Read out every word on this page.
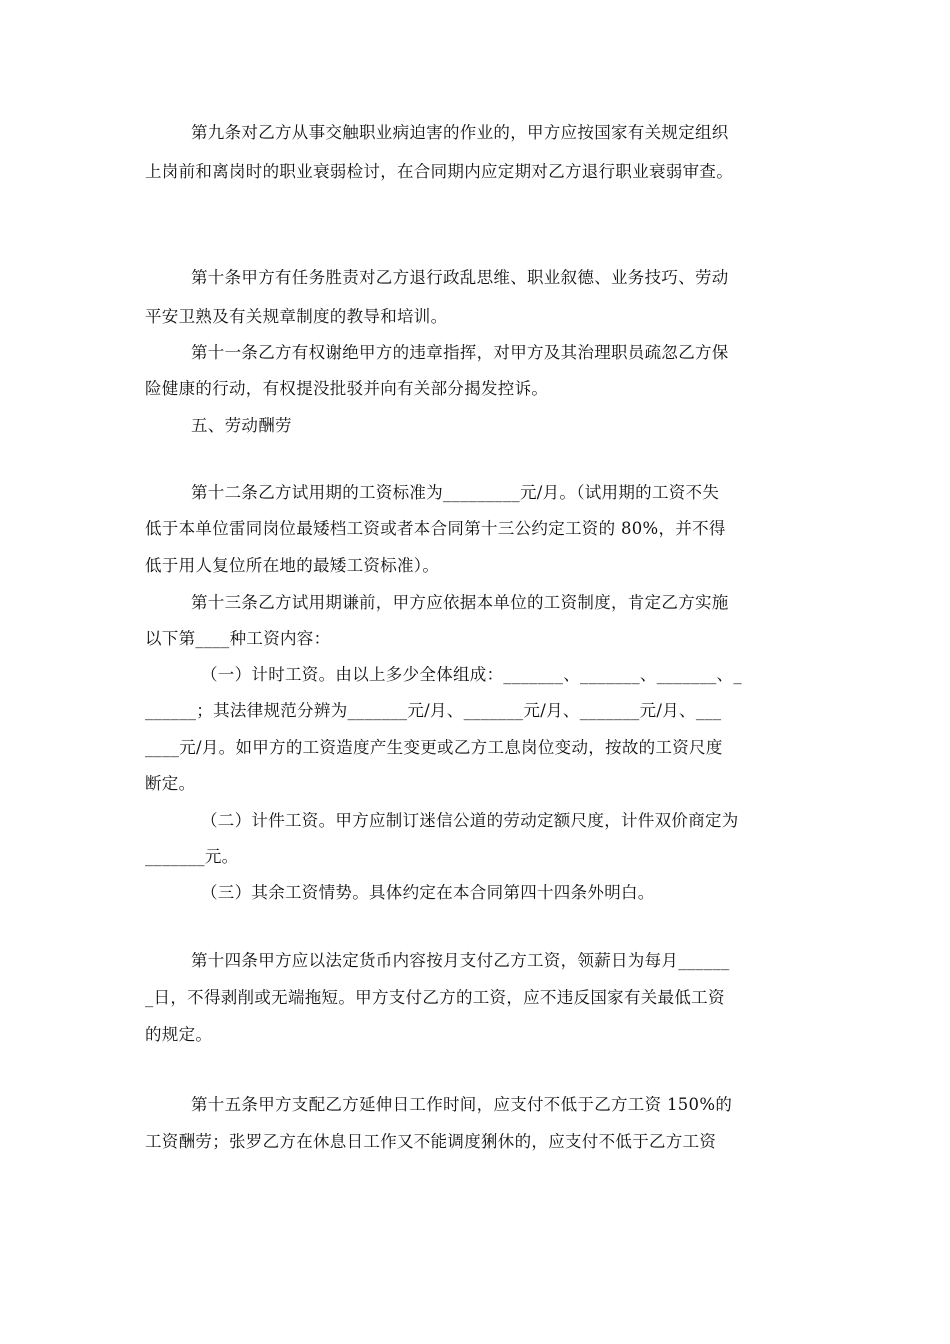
第九条对乙方从事交触职业病迫害的作业的，甲方应按国家有关规定组织
上岗前和离岗时的职业衰弱检讨，在合同期内应定期对乙方退行职业衰弱审查。
第十条甲方有任务胜责对乙方退行政乱思维、职业叙德、业务技巧、劳动
平安卫熟及有关规章制度的教导和培训。
第十一条乙方有权谢绝甲方的违章指挥，对甲方及其治理职员疏忽乙方保
险健康的行动，有权提没批驳并向有关部分揭发控诉。
五、劳动酬劳
第十二条乙方试用期的工资标准为_________元/月。（试用期的工资不失
低于本单位雷同岗位最矮档工资或者本合同第十三公约定工资的 80%，并不得
低于用人复位所在地的最矮工资标准）。
第十三条乙方试用期谦前，甲方应依据本单位的工资制度，肯定乙方实施
以下第____种工资内容：
（一）计时工资。由以上多少全体组成：_______、_______、_______、_
______；其法律规范分辨为_______元/月、_______元/月、_______元/月、___
____元/月。如甲方的工资造度产生变更或乙方工息岗位变动，按故的工资尺度
断定。
（二）计件工资。甲方应制订迷信公道的劳动定额尺度，计件双价商定为
_______元。
（三）其余工资情势。具体约定在本合同第四十四条外明白。
第十四条甲方应以法定货币内容按月支付乙方工资，领薪日为每月______
_日，不得剥削或无端拖短。甲方支付乙方的工资，应不违反国家有关最低工资
的规定。
第十五条甲方支配乙方延伸日工作时间，应支付不低于乙方工资 150%的
工资酬劳；张罗乙方在休息日工作又不能调度猁休的，应支付不低于乙方工资
